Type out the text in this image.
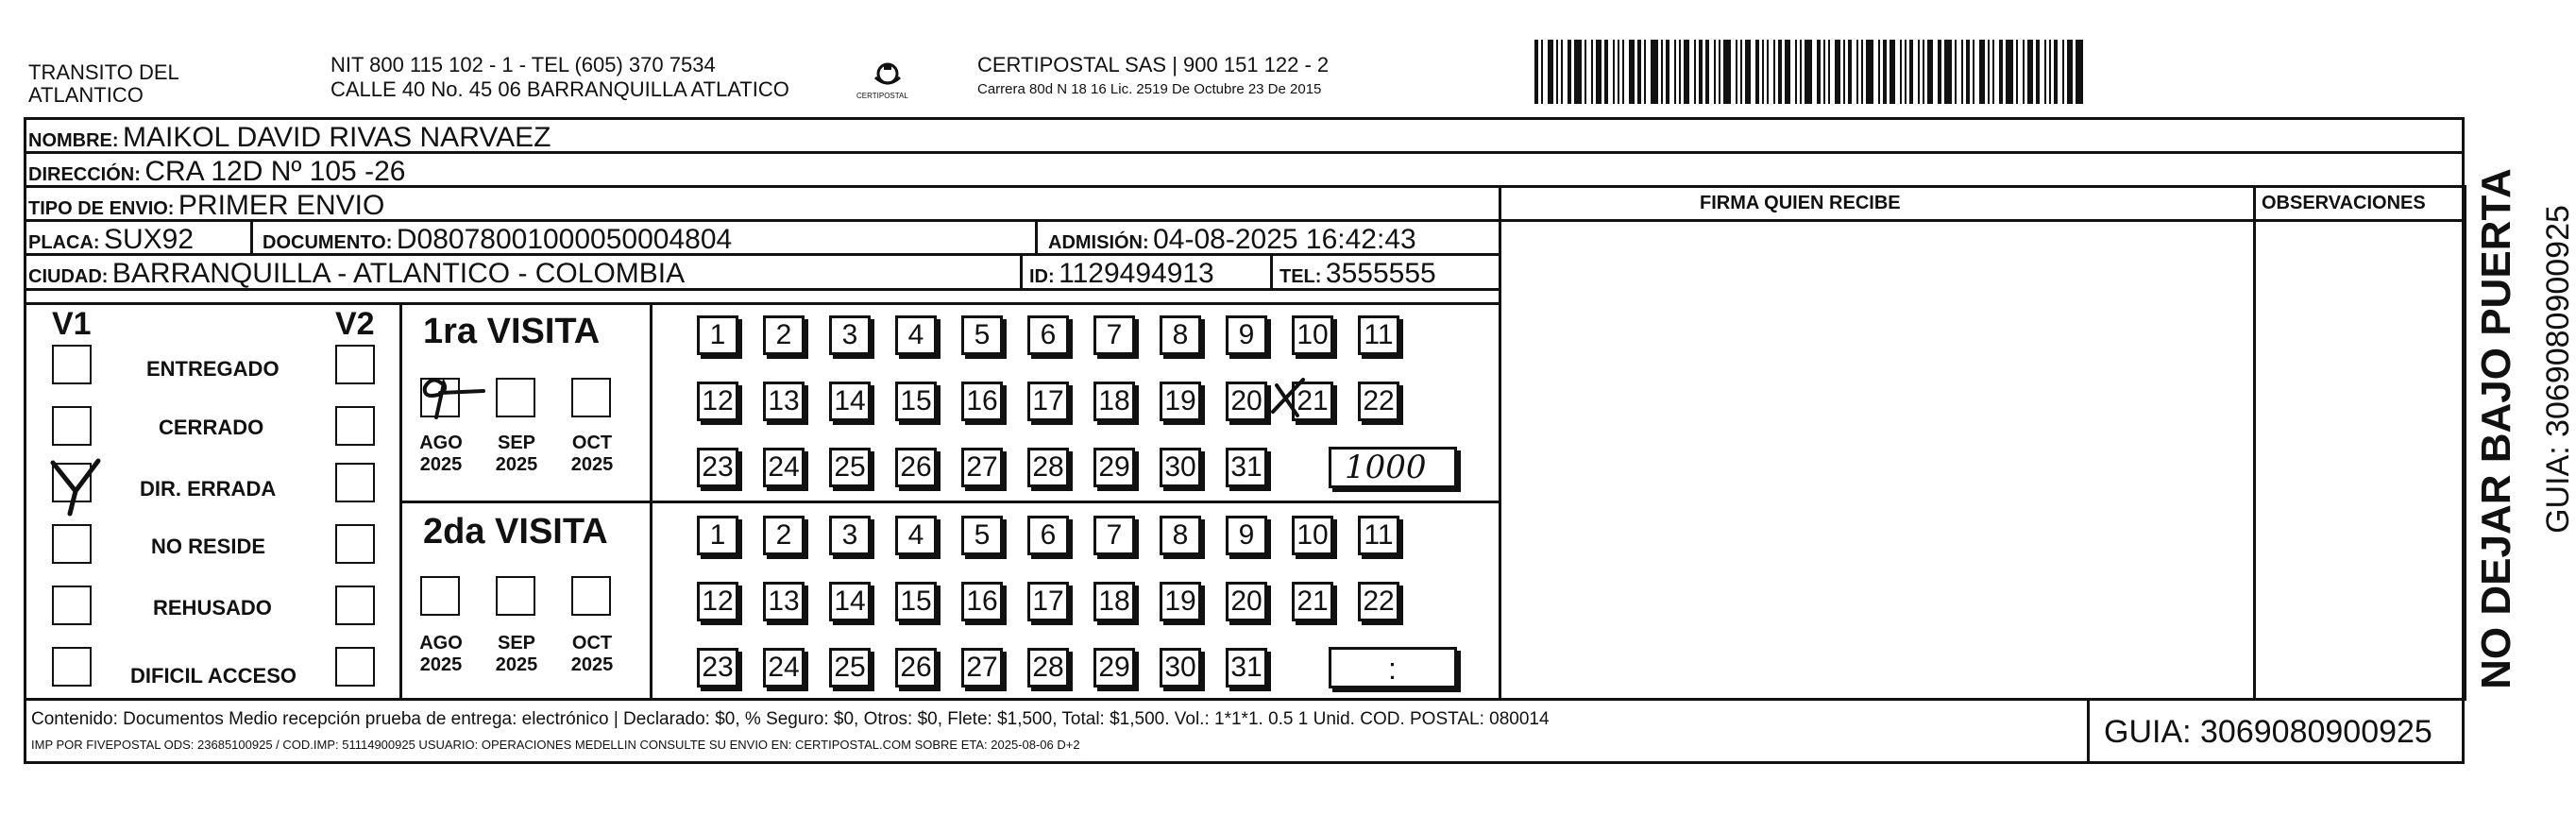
TRANSITO DEL
ATLANTICO
NIT 800 115 102 - 1 - TEL (605) 370 7534
CALLE 40 No. 45 06 BARRANQUILLA ATLATICO	CERTIPOSTAL
CERTIPOSTAL SAS | 900 151 122 - 2
Carrera 80d N 18 16 Lic. 2519 De Octubre 23 De 2015
NOMBRE: MAIKOL DAVID RIVAS NARVAEZ
DIRECCIÓN: CRA 12D Nº 105 -26
TIPO DE ENVIO: PRIMER ENVIO
PLACA: SUX92	DOCUMENTO: D08078001000050004804	ADMISIÓN: 04-08-2025 16:42:43
CIUDAD: BARRANQUILLA - ATLANTICO - COLOMBIA	ID: 1129494913	TEL: 3555555
FIRMA QUIEN RECIBE	OBSERVACIONES
V1	V2
ENTREGADO
CERRADO
DIR. ERRADA
NO RESIDE
REHUSADO
DIFICIL ACCESO
1ra VISITA
AGO
2025
SEP
2025
OCT
2025
1	2	3	4	5	6	7	8	9	10 11
12 13 14 15 16 17 18 19 20 21 22
23 24 25 26 27 28 29 30 31	1000
2da VISITA
AGO
2025
SEP
2025
OCT
2025
1	2	3	4	5	6	7	8	9	10 11
12 13 14 15 16 17 18 19 20 21 22
23 24 25 26 27 28 29 30 31	:
Contenido: Documentos Medio recepción prueba de entrega: electrónico | Declarado: $0, % Seguro: $0, Otros: $0, Flete: $1,500, Total: $1,500. Vol.: 1*1*1. 0.5 1 Unid. COD. POSTAL: 080014
IMP POR FIVEPOSTAL ODS: 23685100925 / COD.IMP: 51114900925 USUARIO: OPERACIONES MEDELLIN CONSULTE SU ENVIO EN: CERTIPOSTAL.COM SOBRE ETA: 2025-08-06 D+2	GUIA: 3069080900925
NO DEJAR BAJO PUERTA GUIA: 3069080900925
